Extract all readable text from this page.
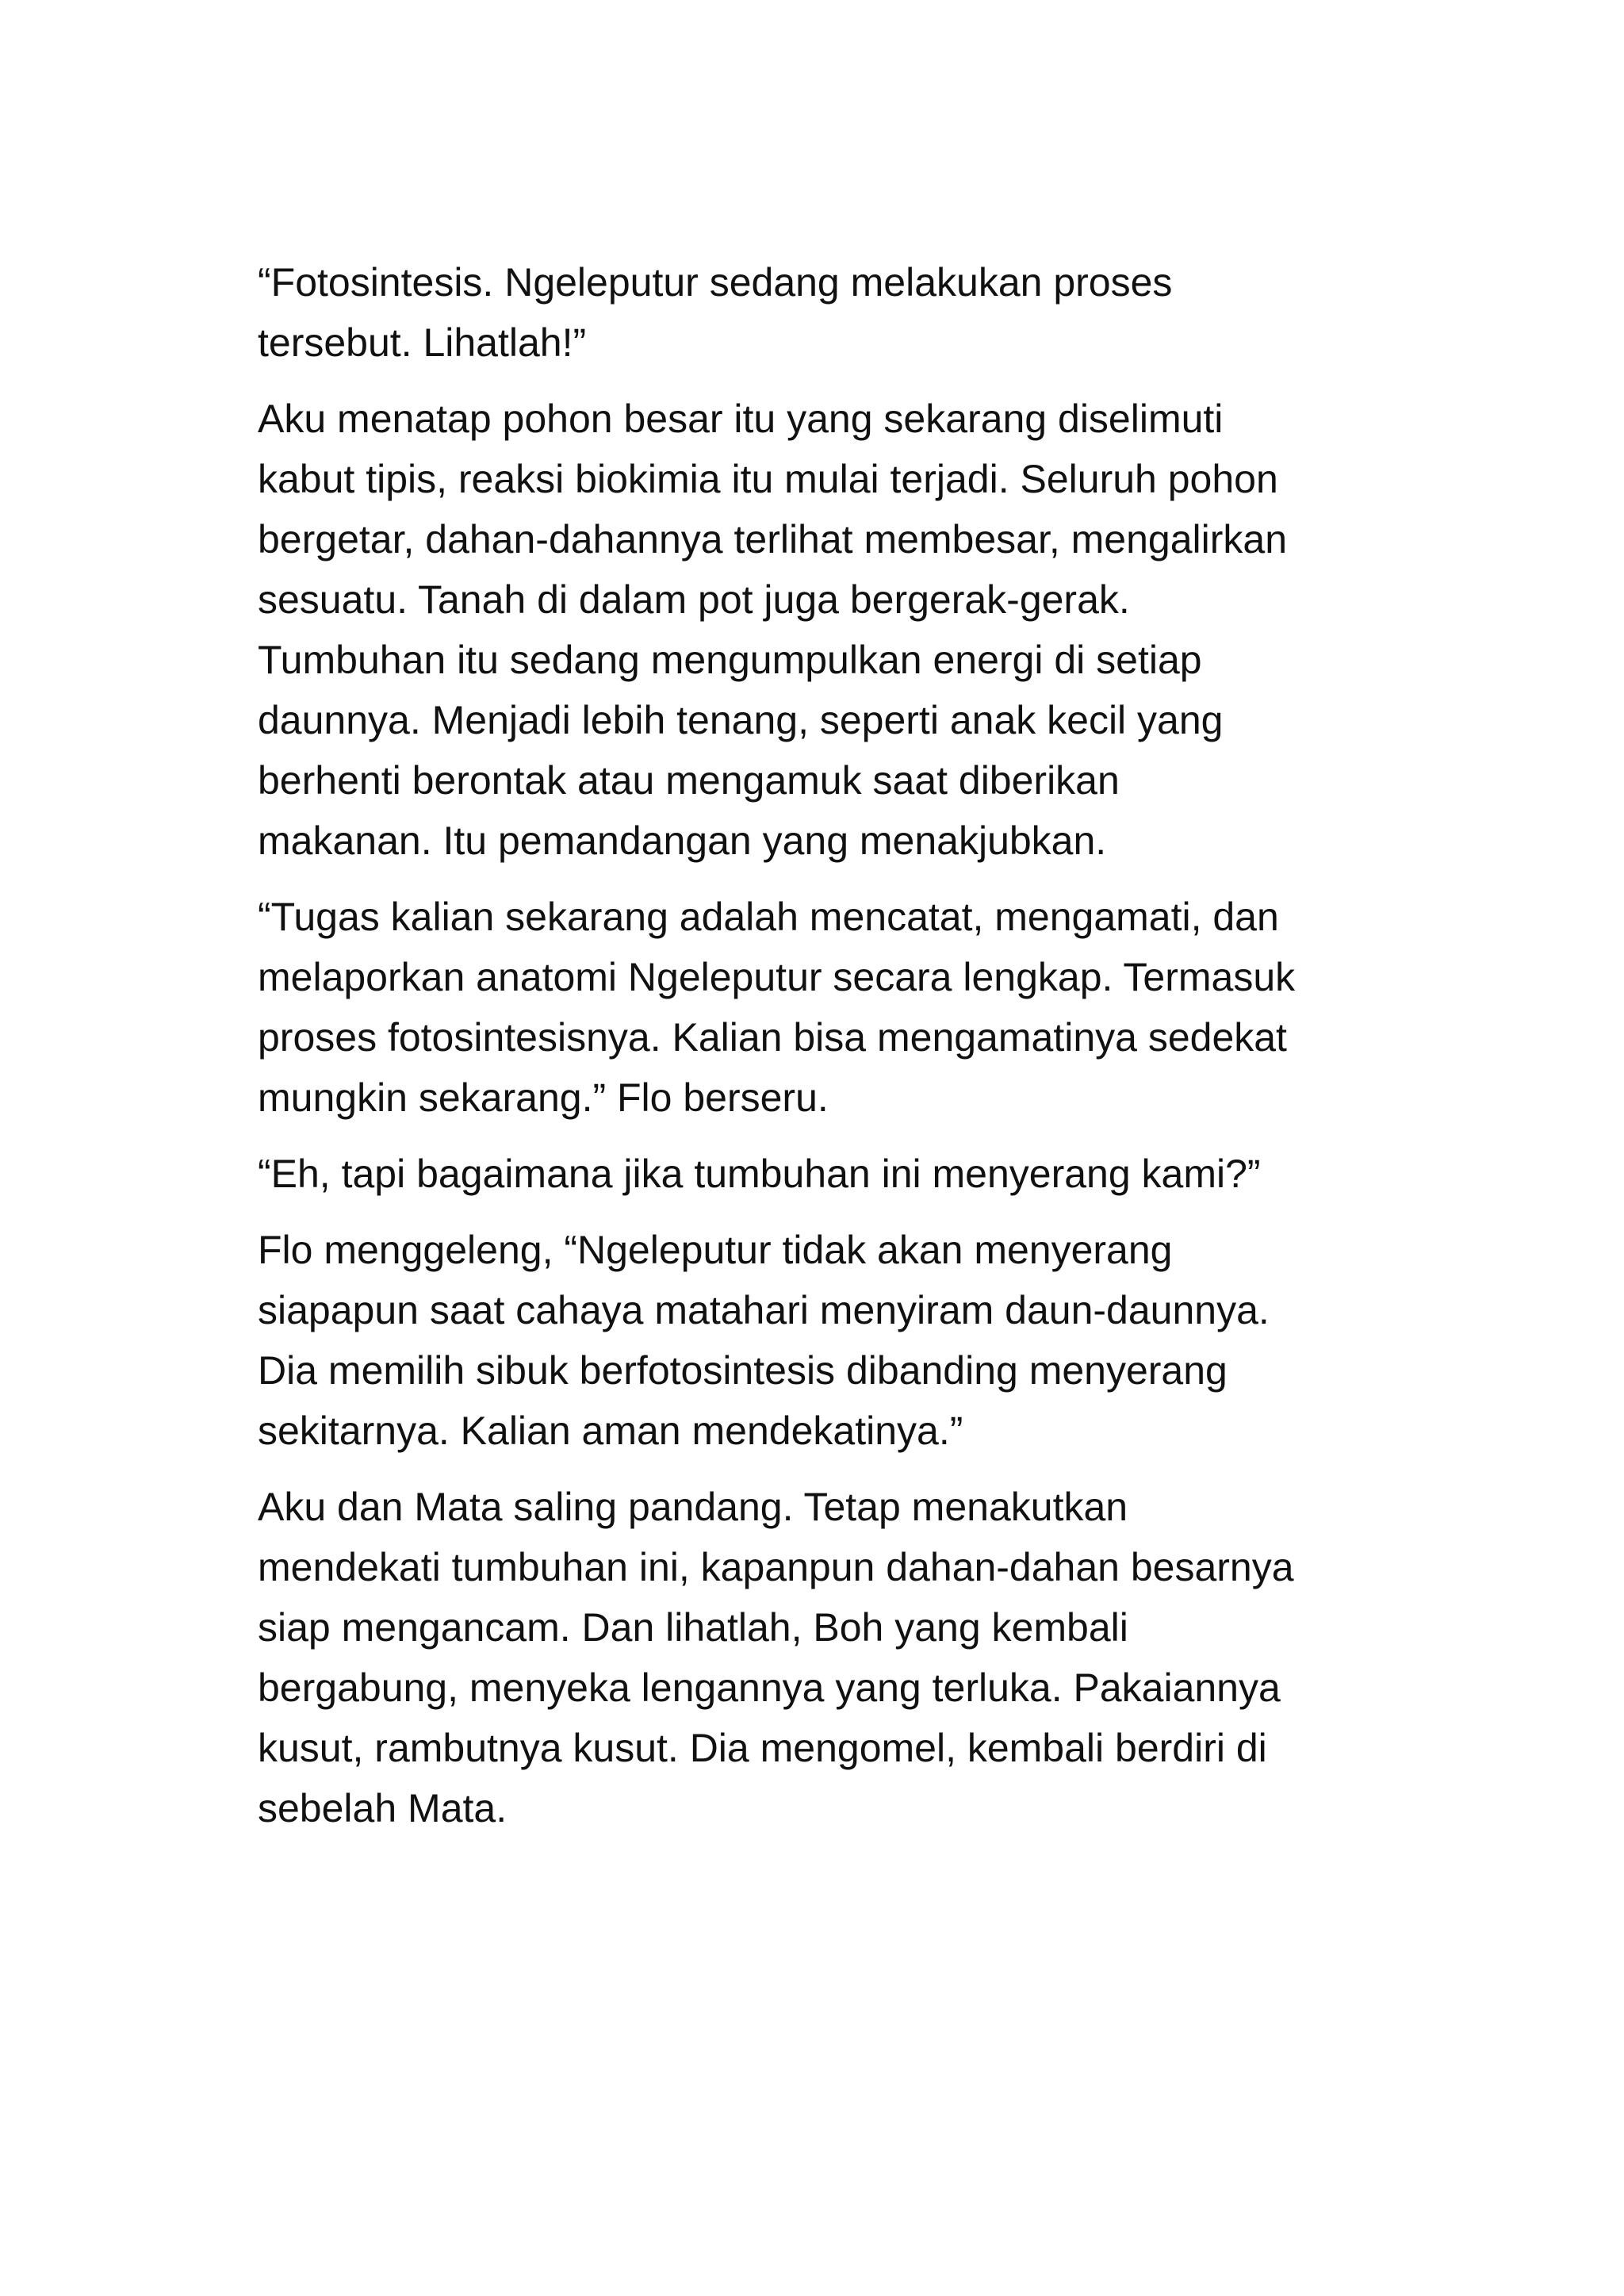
“Fotosintesis. Ngeleputur sedang melakukan proses
tersebut. Lihatlah!”

Aku menatap pohon besar itu yang sekarang diselimuti
kabut tipis, reaksi biokimia itu mulai terjadi. Seluruh pohon
bergetar, dahan-dahannya terlihat membesar, mengalirkan
sesuatu. Tanah di dalam pot juga bergerak-gerak.
Tumbuhan itu sedang mengumpulkan energi di setiap
daunnya. Menjadi lebih tenang, seperti anak kecil yang
berhenti berontak atau mengamuk saat diberikan
makanan. Itu pemandangan yang menakjubkan.

“Tugas kalian sekarang adalah mencatat, mengamati, dan
melaporkan anatomi Ngeleputur secara lengkap. Termasuk
proses fotosintesisnya. Kalian bisa mengamatinya sedekat
mungkin sekarang.” Flo berseru.

“Eh, tapi bagaimana jika tumbuhan ini menyerang kami?”

Flo menggeleng, “Ngeleputur tidak akan menyerang
siapapun saat cahaya matahari menyiram daun-daunnya.
Dia memilih sibuk berfotosintesis dibanding menyerang
sekitarnya. Kalian aman mendekatinya.”

Aku dan Mata saling pandang. Tetap menakutkan
mendekati tumbuhan ini, kapanpun dahan-dahan besarnya
siap mengancam. Dan lihatlah, Boh yang kembali
bergabung, menyeka lengannya yang terluka. Pakaiannya
kusut, rambutnya kusut. Dia mengomel, kembali berdiri di
sebelah Mata.
